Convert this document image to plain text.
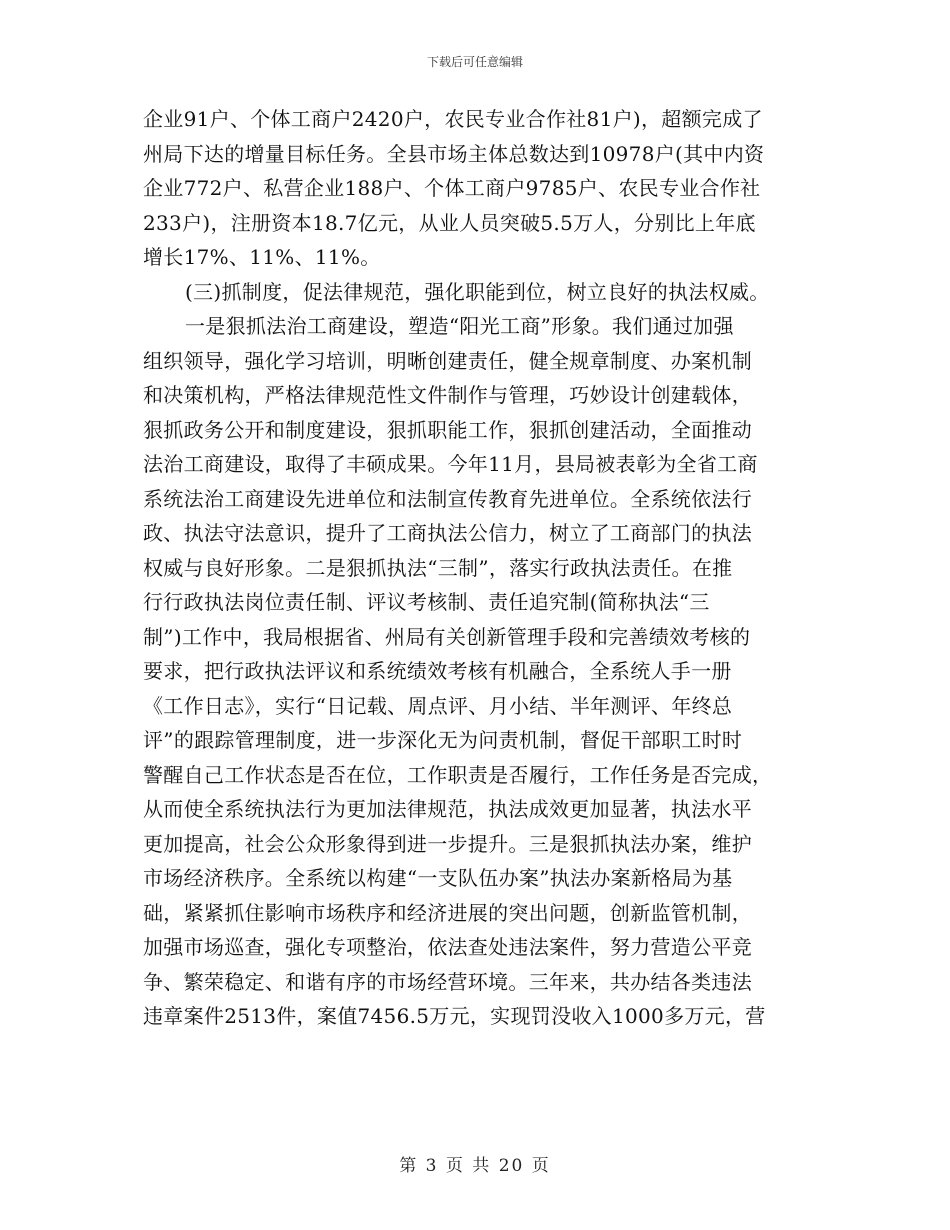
下载后可任意编辑
企业91户、个体工商户2420户，农民专业合作社81户)，超额完成了
州局下达的增量目标任务。全县市场主体总数达到10978户(其中内资
企业772户、私营企业188户、个体工商户9785户、农民专业合作社
233户)，注册资本18.7亿元，从业人员突破5.5万人，分别比上年底
增长17%、11%、11%。
(三)抓制度，促法律规范，强化职能到位，树立良好的执法权威。
一是狠抓法治工商建设，塑造“阳光工商”形象。我们通过加强
组织领导，强化学习培训，明晰创建责任，健全规章制度、办案机制
和决策机构，严格法律规范性文件制作与管理，巧妙设计创建载体，
狠抓政务公开和制度建设，狠抓职能工作，狠抓创建活动，全面推动
法治工商建设，取得了丰硕成果。今年11月，县局被表彰为全省工商
系统法治工商建设先进单位和法制宣传教育先进单位。全系统依法行
政、执法守法意识，提升了工商执法公信力，树立了工商部门的执法
权威与良好形象。二是狠抓执法“三制”，落实行政执法责任。在推
行行政执法岗位责任制、评议考核制、责任追究制(简称执法“三
制”)工作中，我局根据省、州局有关创新管理手段和完善绩效考核的
要求，把行政执法评议和系统绩效考核有机融合，全系统人手一册
《工作日志》，实行“日记载、周点评、月小结、半年测评、年终总
评”的跟踪管理制度，进一步深化无为问责机制，督促干部职工时时
警醒自己工作状态是否在位，工作职责是否履行，工作任务是否完成，
从而使全系统执法行为更加法律规范，执法成效更加显著，执法水平
更加提高，社会公众形象得到进一步提升。三是狠抓执法办案，维护
市场经济秩序。全系统以构建“一支队伍办案”执法办案新格局为基
础，紧紧抓住影响市场秩序和经济进展的突出问题，创新监管机制，
加强市场巡查，强化专项整治，依法查处违法案件，努力营造公平竞
争、繁荣稳定、和谐有序的市场经营环境。三年来，共办结各类违法
违章案件2513件，案值7456.5万元，实现罚没收入1000多万元，营
第 3 页 共 20 页
